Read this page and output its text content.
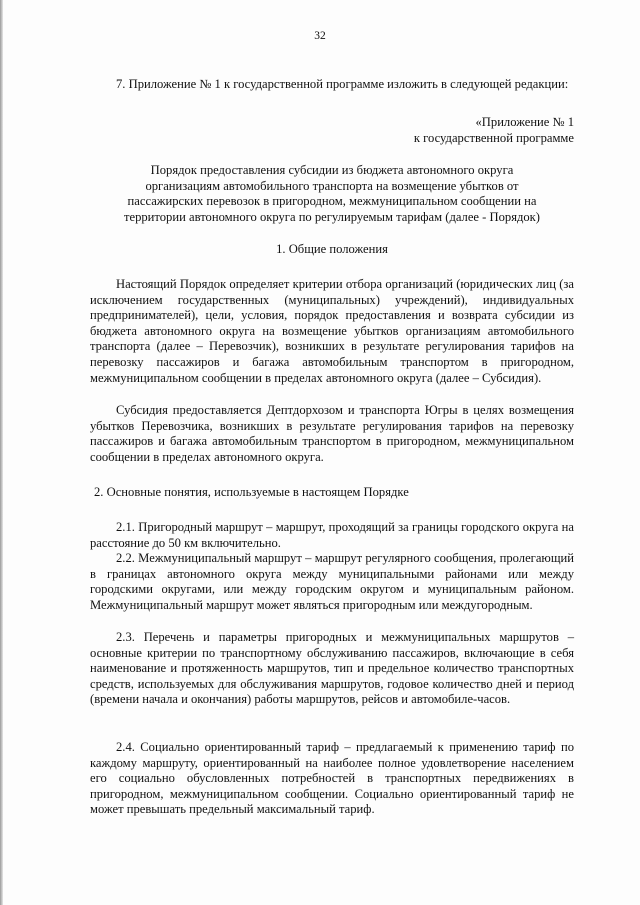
32

7. Приложение № 1 к государственной программе изложить в следующей редакции:

«Приложение № 1

к государственной программе

Порядок предоставления субсидии из бюджета автономного округа организациям автомобильного транспорта на возмещение убытков от пассажирских перевозок в пригородном, межмуниципальном сообщении на территории автономного округа по регулируемым тарифам (далее - Порядок)

1. Общие положения

Настоящий Порядок определяет критерии отбора организаций (юридических лиц (за исключением государственных (муниципальных) учреждений), индивидуальных предпринимателей), цели, условия, порядок предоставления и возврата субсидии из бюджета автономного округа на возмещение убытков организациям автомобильного транспорта (далее – Перевозчик), возникших в результате регулирования тарифов на перевозку пассажиров и багажа автомобильным транспортом в пригородном, межмуниципальном сообщении в пределах автономного округа (далее – Субсидия).

Субсидия предоставляется Дептдорхозом и транспорта Югры в целях возмещения убытков Перевозчика, возникших в результате регулирования тарифов на перевозку пассажиров и багажа автомобильным транспортом в пригородном, межмуниципальном сообщении в пределах автономного округа.

2. Основные понятия, используемые в настоящем Порядке

2.1. Пригородный маршрут – маршрут, проходящий за границы городского округа на расстояние до 50 км включительно.

2.2. Межмуниципальный маршрут – маршрут регулярного сообщения, пролегающий в границах автономного округа между муниципальными районами или между городскими округами, или между городским округом и муниципальным районом. Межмуниципальный маршрут может являться пригородным или междугородным.

2.3. Перечень и параметры пригородных и межмуниципальных маршрутов – основные критерии по транспортному обслуживанию пассажиров, включающие в себя наименование и протяженность маршрутов, тип и предельное количество транспортных средств, используемых для обслуживания маршрутов, годовое количество дней и период (времени начала и окончания) работы маршрутов, рейсов и автомобиле-часов.

2.4. Социально ориентированный тариф – предлагаемый к применению тариф по каждому маршруту, ориентированный на наиболее полное удовлетворение населением его социально обусловленных потребностей в транспортных передвижениях в пригородном, межмуниципальном сообщении. Социально ориентированный тариф не может превышать предельный максимальный тариф.
